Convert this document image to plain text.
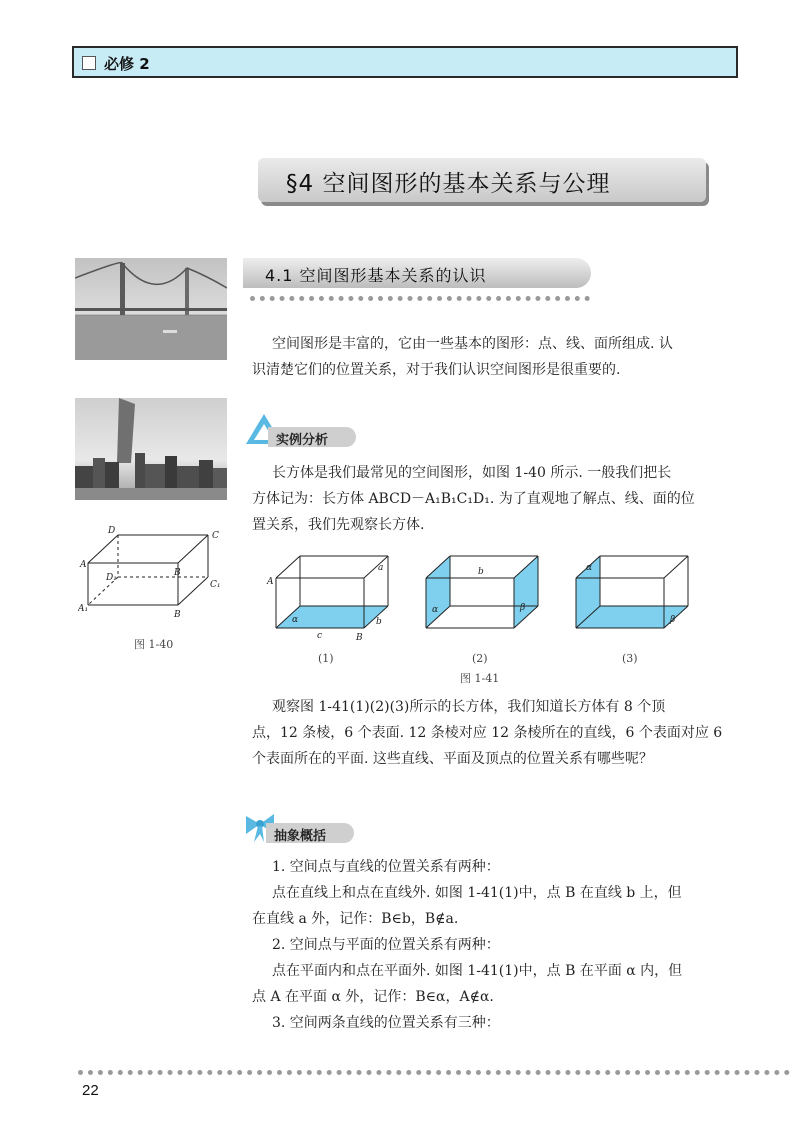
必修 2
§4 空间图形的基本关系与公理
D	C
A
B
D₁
C₁
A₁
B
图 1-40
4.1 空间图形基本关系的认识

空间图形是丰富的，它由一些基本的图形：点、线、面所组成. 认

识清楚它们的位置关系，对于我们认识空间图形是很重要的.

实例分析

长方体是我们最常见的空间图形，如图 1-40 所示. 一般我们把长

方体记为：长方体 ABCD－A₁B₁C₁D₁. 为了直观地了解点、线、面的位

置关系，我们先观察长方体.

A
a
α
c
b
B
b
α	β
α
β
(1)	(2)	(3)
图 1-41

观察图 1-41(1)(2)(3)所示的长方体，我们知道长方体有 8 个顶

点，12 条棱，6 个表面. 12 条棱对应 12 条棱所在的直线，6 个表面对应 6

个表面所在的平面. 这些直线、平面及顶点的位置关系有哪些呢？

抽象概括

1. 空间点与直线的位置关系有两种：

点在直线上和点在直线外. 如图 1-41(1)中，点 B 在直线 b 上，但

在直线 a 外，记作：B∈b，B∉a.

2. 空间点与平面的位置关系有两种：

点在平面内和点在平面外. 如图 1-41(1)中，点 B 在平面 α 内，但

点 A 在平面 α 外，记作：B∈α，A∉α.

3. 空间两条直线的位置关系有三种：

22
